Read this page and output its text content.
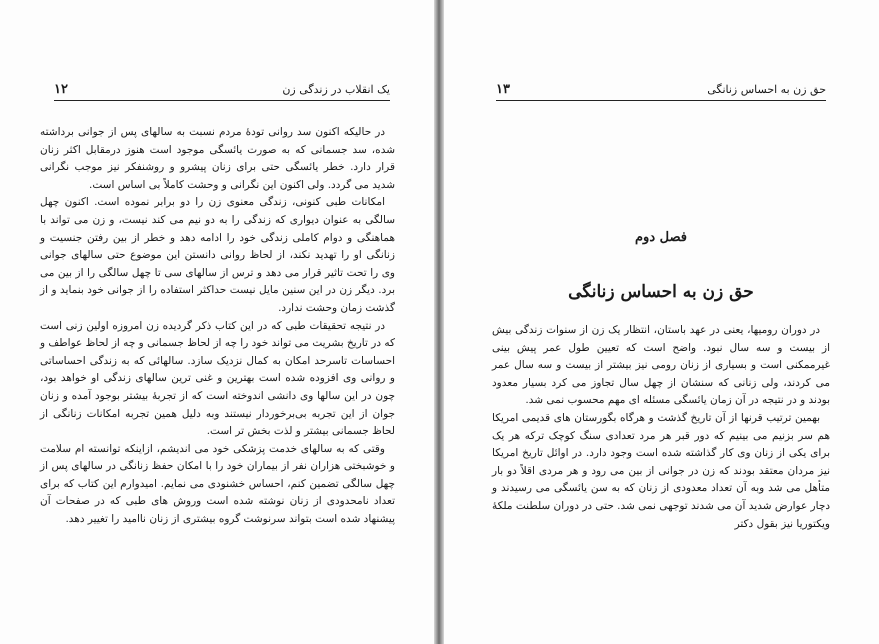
۱۲	یک انقلاب در زندگی زن

در حالیکه اکنون سد روانی تودهٔ مردم نسبت به سالهای پس از جوانی برداشته شده، سد جسمانی که به صورت یائسگی موجود است هنوز درمقابل اکثر زنان قرار دارد. خطر یائسگی حتی برای زنان پیشرو و روشنفکر نیز موجب نگرانی شدید می گردد. ولی اکنون این نگرانی و وحشت کاملاً بی اساس است.

امکانات طبی کنونی، زندگی معنوی زن را دو برابر نموده است. اکنون چهل سالگی به عنوان دیواری که زندگی را به دو نیم می کند نیست، و زن می تواند با هماهنگی و دوام کاملی زندگی خود را ادامه دهد و خطر از بین رفتن جنسیت و زنانگی او را تهدید نکند، از لحاظ روانی دانستن این موضوع حتی سالهای جوانی وی را تحت تاثیر قرار می دهد و ترس از سالهای سی تا چهل سالگی را از بین می برد. دیگر زن در این سنین مایل نیست حداکثر استفاده را از جوانی خود بنماید و از گذشت زمان وحشت ندارد.

در نتیجه تحقیقات طبی که در این کتاب ذکر گردیده زن امروزه اولین زنی است که در تاریخ بشریت می تواند خود را چه از لحاظ جسمانی و چه از لحاظ عواطف و احساسات تاسرحد امکان به کمال نزدیک سازد. سالهائی که به زندگی احساساتی و روانی وی افزوده شده است بهترین و غنی ترین سالهای زندگی او خواهد بود، چون در این سالها وی دانشی اندوخته است که از تجربهٔ بیشتر بوجود آمده و زنان جوان از این تجربه بی‌برخوردار نیستند وبه دلیل همین تجربه امکانات زنانگی از لحاظ جسمانی بیشتر و لذت بخش تر است.

وقتی که به سالهای خدمت پزشکی خود می اندیشم، ازاینکه توانسته ام سلامت و خوشبختی هزاران نفر از بیماران خود را با امکان حفظ زنانگی در سالهای پس از چهل سالگی تضمین کنم، احساس خشنودی می نمایم. امیدوارم این کتاب که برای تعداد نامحدودی از زنان نوشته شده است وروش های طبی که در صفحات آن پیشنهاد شده است بتواند سرنوشت گروه بیشتری از زنان ناامید را تغییر دهد.

۱۳	حق زن به احساس زنانگی
فصل دوم
حق زن به احساس زنانگی

در دوران رومیها، یعنی در عهد باستان، انتظار یک زن از سنوات زندگی بیش از بیست و سه سال نبود. واضح است که تعیین طول عمر پیش بینی غیرممکنی است و بسیاری از زنان رومی نیز بیشتر از بیست و سه سال عمر می کردند، ولی زنانی که سنشان از چهل سال تجاوز می کرد بسیار معدود بودند و در نتیجه در آن زمان یائسگی مسئله ای مهم محسوب نمی شد.

بهمین ترتیب قرنها از آن تاریخ گذشت و هرگاه بگورستان های قدیمی امریکا هم سر بزنیم می بینیم که دور قبر هر مرد تعدادی سنگ کوچک ترکه هر یک برای یکی از زنان وی کار گذاشته شده است وجود دارد. در اوائل تاریخ امریکا نیز مردان معتقد بودند که زن در جوانی از بین می رود و هر مردی اقلاً دو بار متأهل می شد وبه آن تعداد معدودی از زنان که به سن یائسگی می رسیدند و دچار عوارض شدید آن می شدند توجهی نمی شد. حتی در دوران سلطنت ملکهٔ ویکتوریا نیز بقول دکتر
